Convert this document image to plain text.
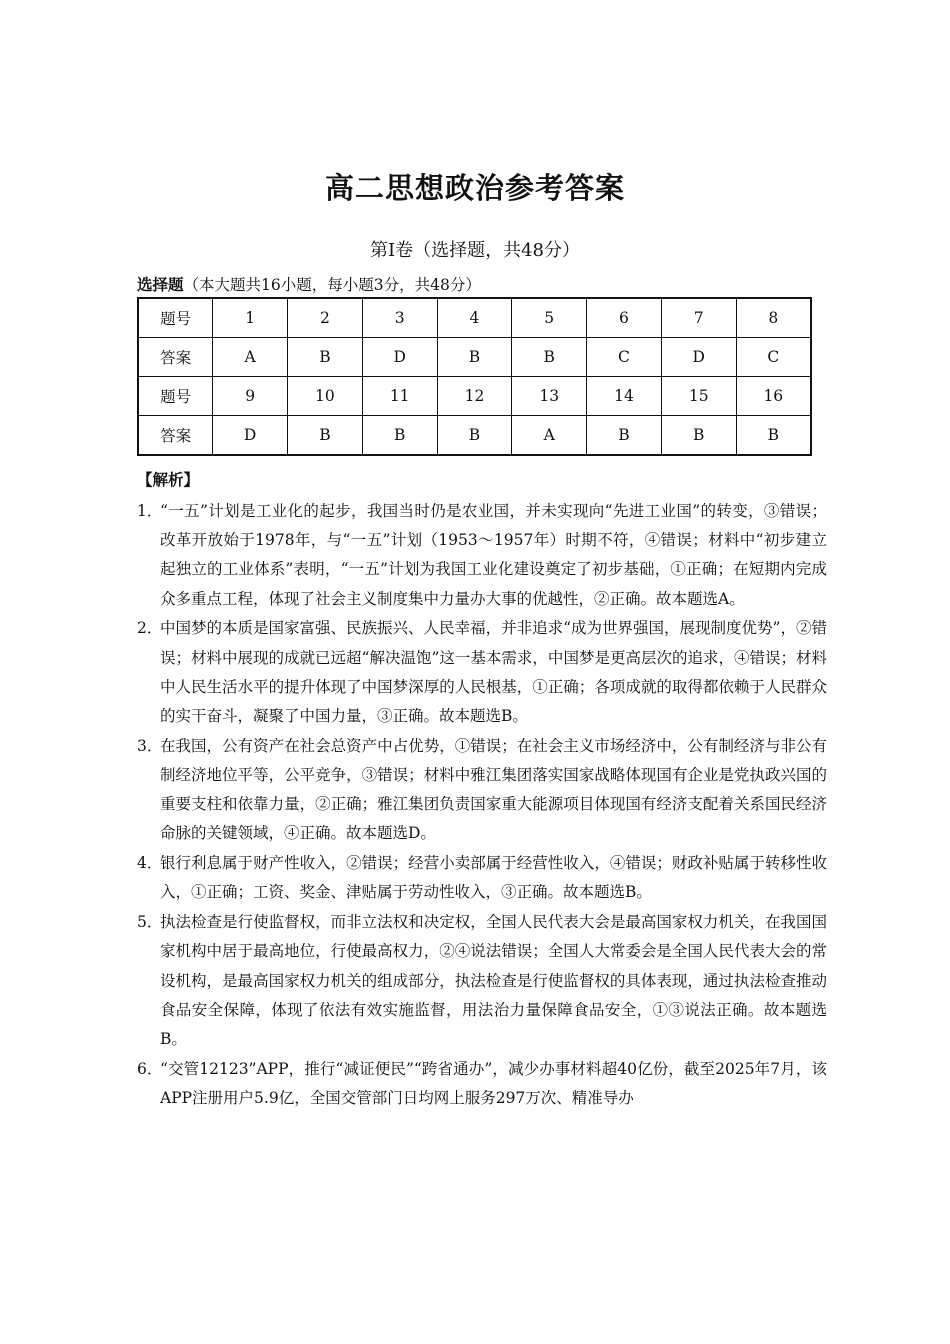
高二思想政治参考答案
第Ⅰ卷（选择题，共48分）
选择题（本大题共16小题，每小题3分，共48分）
题号	1	2	3	4	5	6	7	8
答案	A	B	D	B	B	C	D	C
题号	9	10	11	12	13	14	15	16
答案	D	B	B	B	A	B	B	B
【解析】
1．
“一五”计划是工业化的起步，我国当时仍是农业国，并未实现向“先进工业国”的转变，③错误；改革开放始于1978年，与“一五”计划（1953～1957年）时期不符，④错误；材料中“初步建立起独立的工业体系”表明，“一五”计划为我国工业化建设奠定了初步基础，①正确；在短期内完成众多重点工程，体现了社会主义制度集中力量办大事的优越性，②正确。故本题选A。
2．
中国梦的本质是国家富强、民族振兴、人民幸福，并非追求“成为世界强国，展现制度优势”，②错误；材料中展现的成就已远超“解决温饱”这一基本需求，中国梦是更高层次的追求，④错误；材料中人民生活水平的提升体现了中国梦深厚的人民根基，①正确；各项成就的取得都依赖于人民群众的实干奋斗，凝聚了中国力量，③正确。故本题选B。
3．
在我国，公有资产在社会总资产中占优势，①错误；在社会主义市场经济中，公有制经济与非公有制经济地位平等，公平竞争，③错误；材料中雅江集团落实国家战略体现国有企业是党执政兴国的重要支柱和依靠力量，②正确；雅江集团负责国家重大能源项目体现国有经济支配着关系国民经济命脉的关键领域，④正确。故本题选D。
4．
银行利息属于财产性收入，②错误；经营小卖部属于经营性收入，④错误；财政补贴属于转移性收入，①正确；工资、奖金、津贴属于劳动性收入，③正确。故本题选B。
5．
执法检查是行使监督权，而非立法权和决定权，全国人民代表大会是最高国家权力机关，在我国国家机构中居于最高地位，行使最高权力，②④说法错误；全国人大常委会是全国人民代表大会的常设机构，是最高国家权力机关的组成部分，执法检查是行使监督权的具体表现，通过执法检查推动食品安全保障，体现了依法有效实施监督，用法治力量保障食品安全，①③说法正确。故本题选B。
6．
“交管12123”APP，推行“减证便民”“跨省通办”，减少办事材料超40亿份，截至2025年7月，该APP注册用户5.9亿，全国交管部门日均网上服务297万次、精准导办
